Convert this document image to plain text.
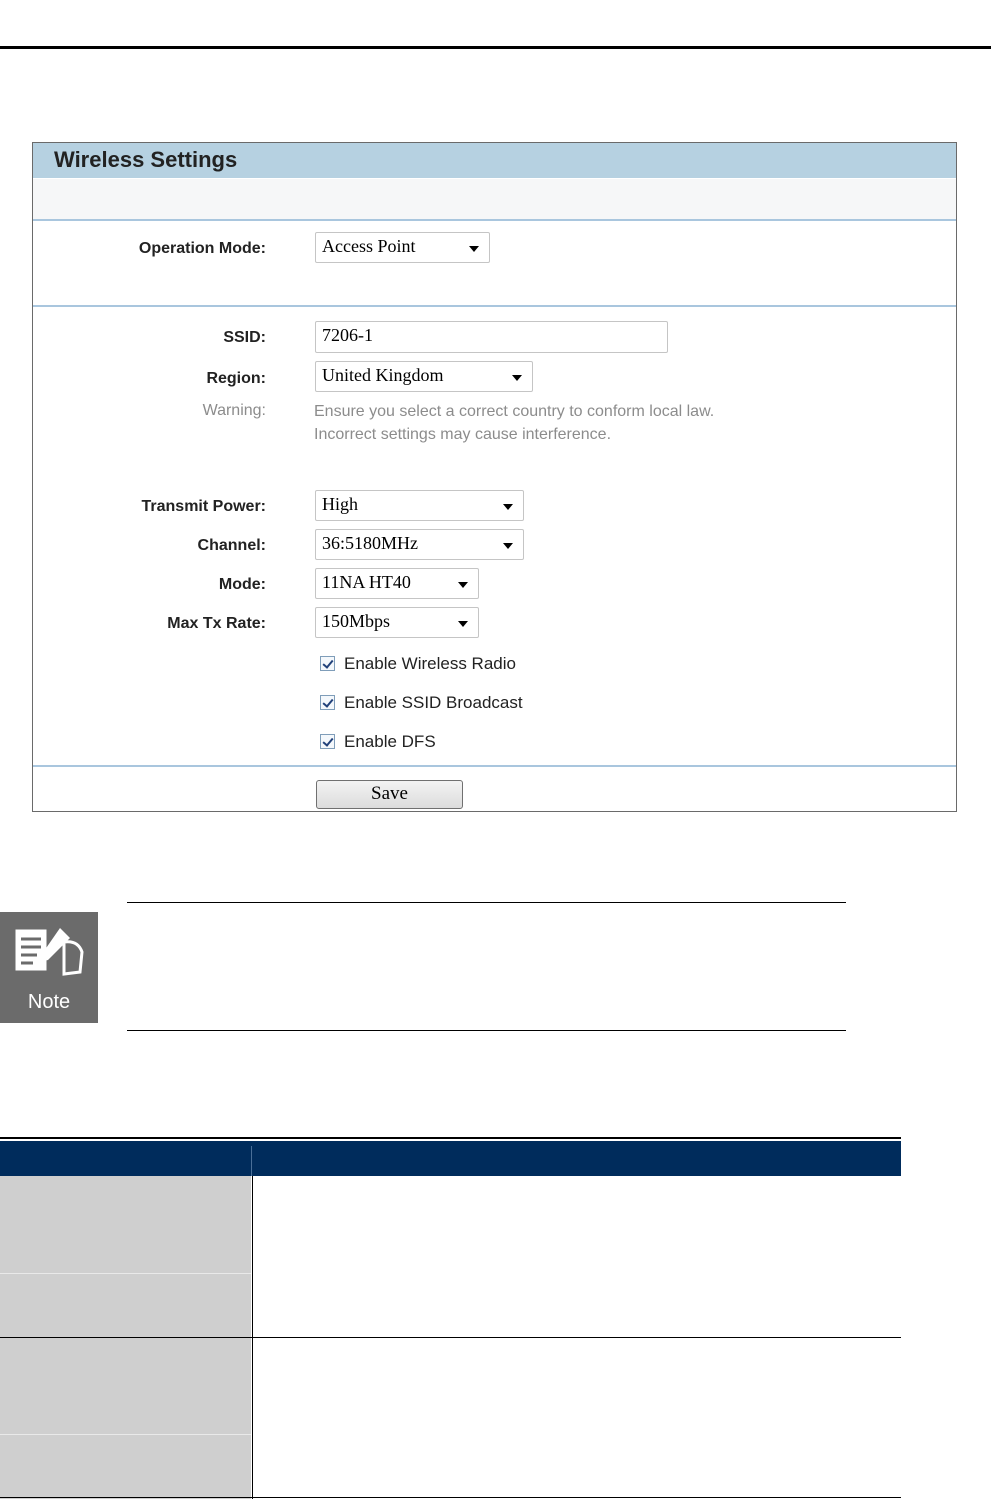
Wireless Settings
Operation Mode:	Access Point
SSID:	7206-1
Region:	United Kingdom
Warning:	Ensure you select a correct country to conform local law.
Incorrect settings may cause interference.
Transmit Power:	High
Channel:	36:5180MHz
Mode:	11NA HT40
Max Tx Rate:	150Mbps
Enable Wireless Radio
Enable SSID Broadcast
Enable DFS
Save
Note
